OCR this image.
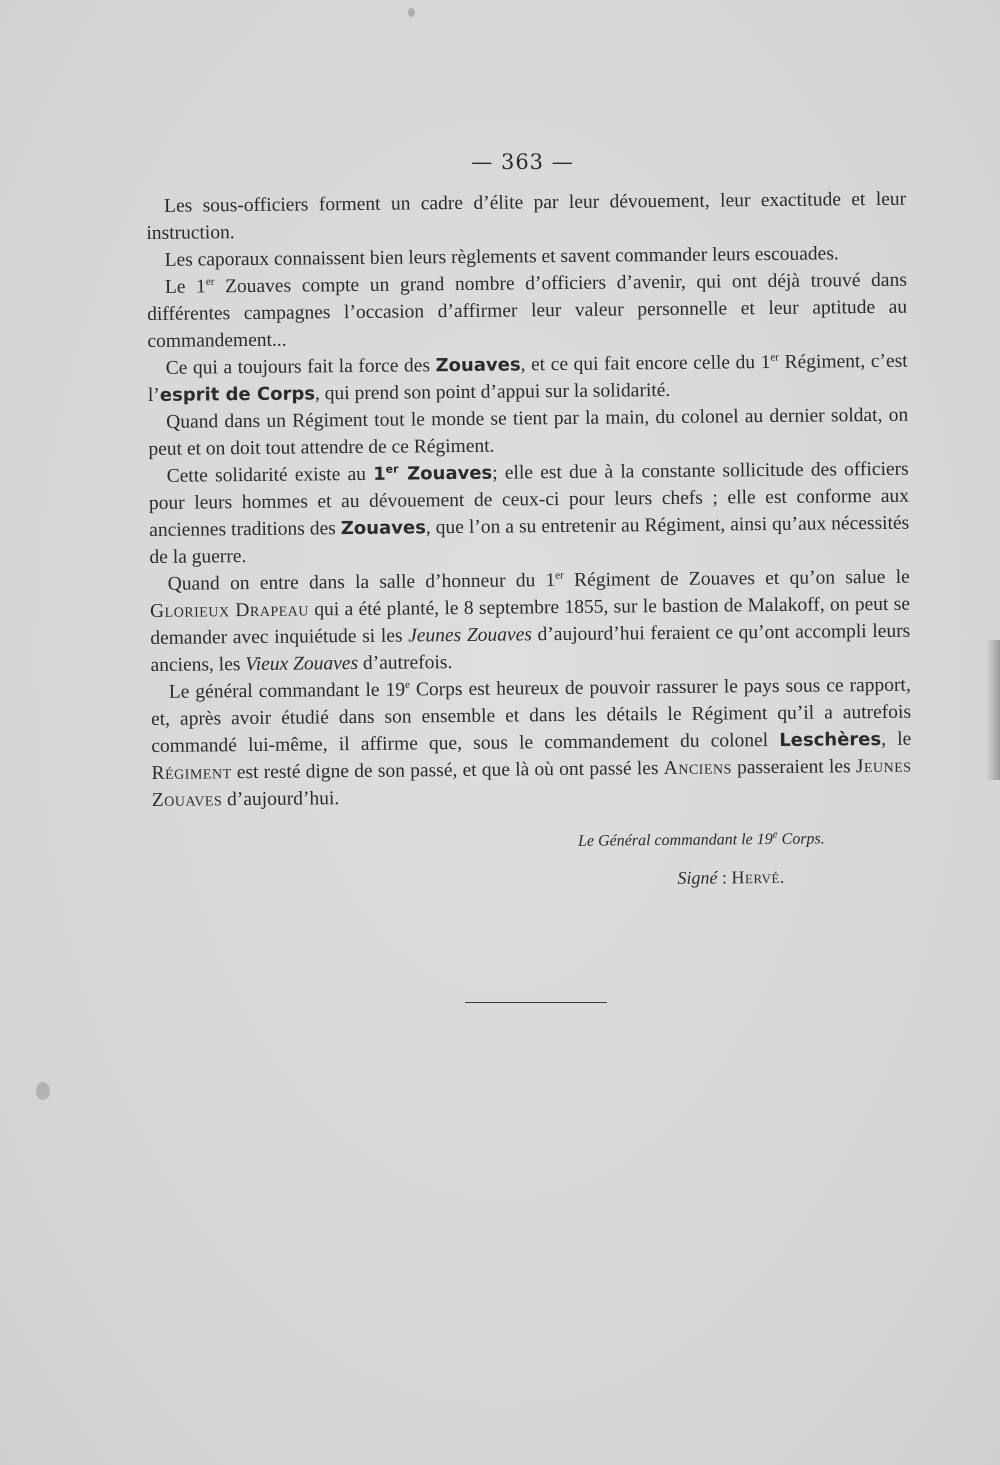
— 363 —

Les sous-officiers forment un cadre d’élite par leur dévouement, leur exactitude et leur instruction.

Les caporaux connaissent bien leurs règlements et savent commander leurs escouades.

Le 1er Zouaves compte un grand nombre d’officiers d’avenir, qui ont déjà trouvé dans différentes campagnes l’occasion d’affirmer leur valeur personnelle et leur aptitude au commandement...

Ce qui a toujours fait la force des Zouaves, et ce qui fait encore celle du 1er Régiment, c’est l’esprit de Corps, qui prend son point d’appui sur la solidarité.

Quand dans un Régiment tout le monde se tient par la main, du colonel au dernier soldat, on peut et on doit tout attendre de ce Régiment.

Cette solidarité existe au 1er Zouaves; elle est due à la constante sollicitude des officiers pour leurs hommes et au dévouement de ceux-ci pour leurs chefs ; elle est conforme aux anciennes traditions des Zouaves, que l’on a su entretenir au Régiment, ainsi qu’aux nécessités de la guerre.

Quand on entre dans la salle d’honneur du 1er Régiment de Zouaves et qu’on salue le Glorieux Drapeau qui a été planté, le 8 septembre 1855, sur le bastion de Malakoff, on peut se demander avec inquiétude si les Jeunes Zouaves d’aujourd’hui feraient ce qu’ont accompli leurs anciens, les Vieux Zouaves d’autrefois.

Le général commandant le 19e Corps est heureux de pouvoir rassurer le pays sous ce rapport, et, après avoir étudié dans son ensemble et dans les détails le Régiment qu’il a autrefois commandé lui-même, il affirme que, sous le commandement du colonel Leschères, le Régiment est resté digne de son passé, et que là où ont passé les Anciens passeraient les Jeunes Zouaves d’aujourd’hui.

Le Général commandant le 19e Corps.
Signé : Hervé.
